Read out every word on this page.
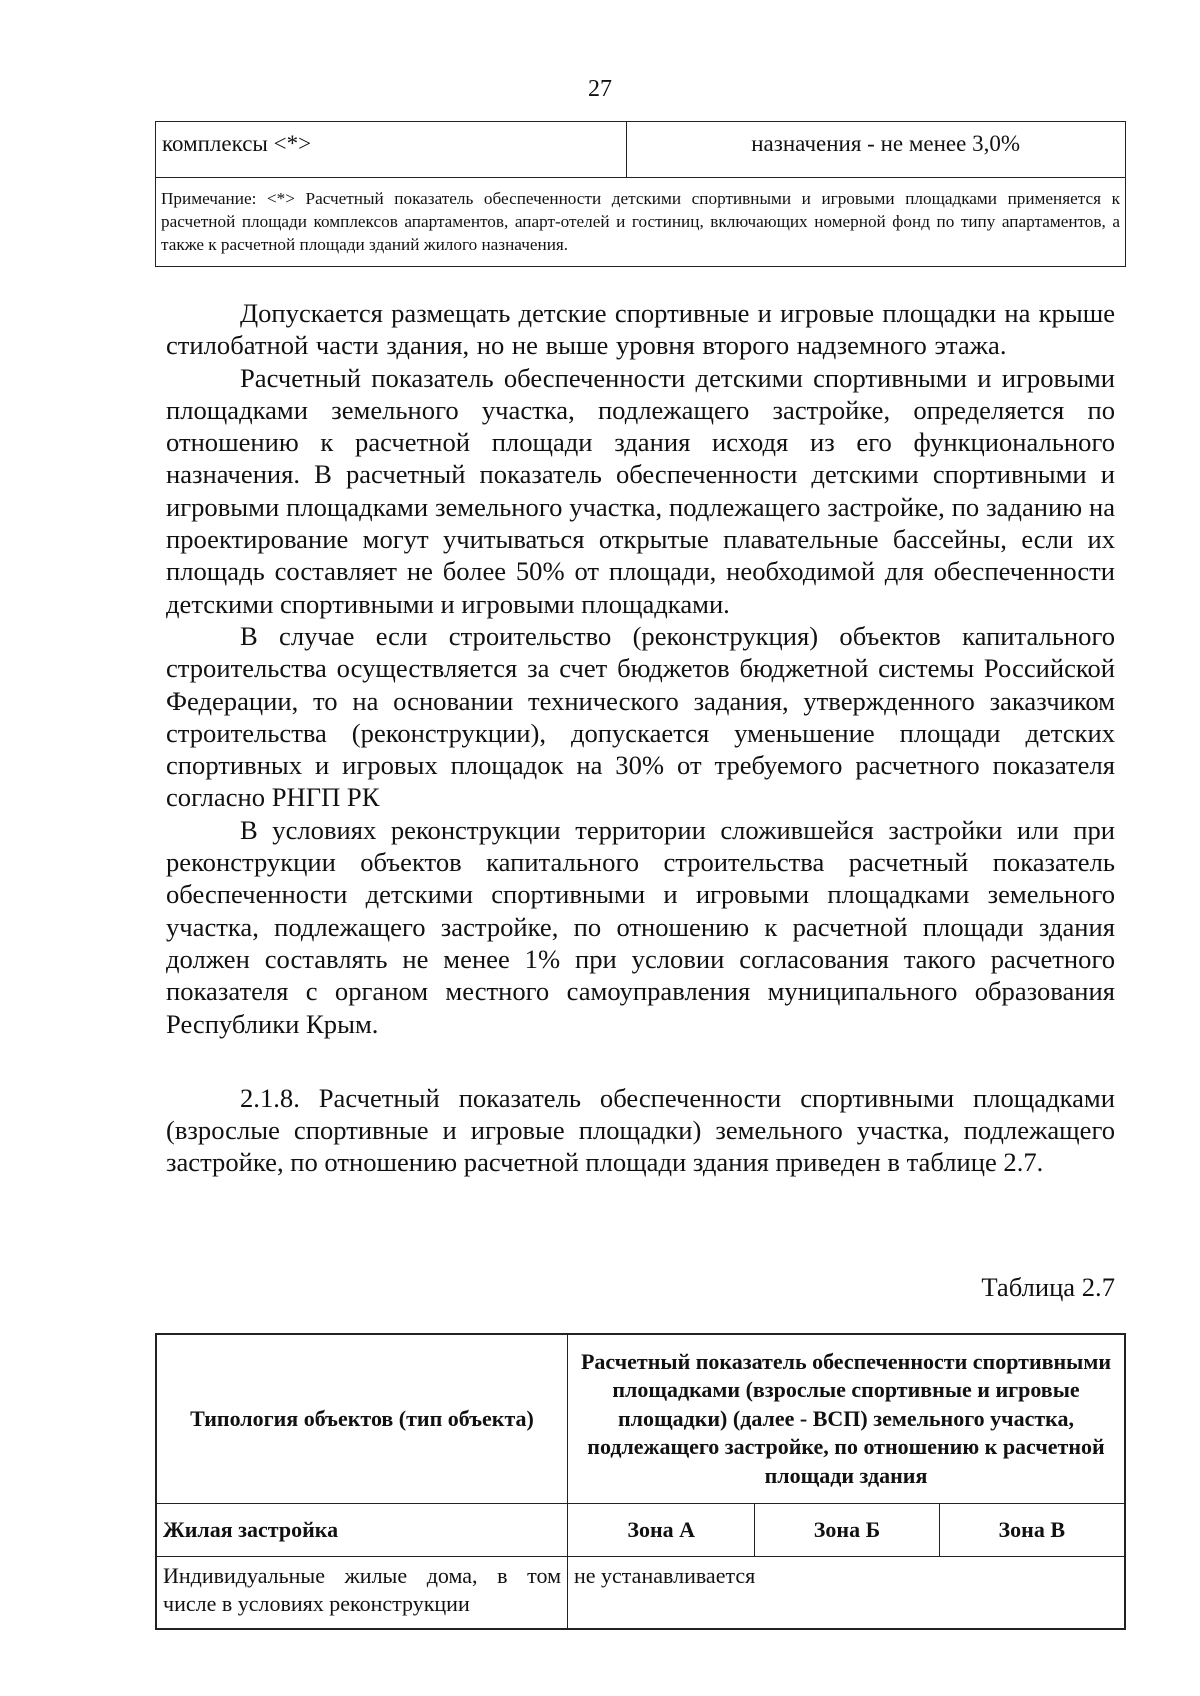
27
комплексы <*>	назначения - не менее 3,0%
Примечание: <*> Расчетный показатель обеспеченности детскими спортивными и игровыми площадками применяется к расчетной площади комплексов апартаментов, апарт-отелей и гостиниц, включающих номерной фонд по типу апартаментов, а также к расчетной площади зданий жилого назначения.

Допускается размещать детские спортивные и игровые площадки на крыше стилобатной части здания, но не выше уровня второго надземного этажа.

Расчетный показатель обеспеченности детскими спортивными и игровыми площадками земельного участка, подлежащего застройке, определяется по отношению к расчетной площади здания исходя из его функционального назначения. В расчетный показатель обеспеченности детскими спортивными и игровыми площадками земельного участка, подлежащего застройке, по заданию на проектирование могут учитываться открытые плавательные бассейны, если их площадь составляет не более 50% от площади, необходимой для обеспеченности детскими спортивными и игровыми площадками.

В случае если строительство (реконструкция) объектов капитального строительства осуществляется за счет бюджетов бюджетной системы Российской Федерации, то на основании технического задания, утвержденного заказчиком строительства (реконструкции), допускается уменьшение площади детских спортивных и игровых площадок на 30% от требуемого расчетного показателя согласно РНГП РК

В условиях реконструкции территории сложившейся застройки или при реконструкции объектов капитального строительства расчетный показатель обеспеченности детскими спортивными и игровыми площадками земельного участка, подлежащего застройке, по отношению к расчетной площади здания должен составлять не менее 1% при условии согласования такого расчетного показателя с органом местного самоуправления муниципального образования Республики Крым.

2.1.8. Расчетный показатель обеспеченности спортивными площадками (взрослые спортивные и игровые площадки) земельного участка, подлежащего застройке, по отношению расчетной площади здания приведен в таблице 2.7.

Таблица 2.7
Типология объектов (тип объекта)	Расчетный показатель обеспеченности спортивными площадками (взрослые спортивные и игровые площадки) (далее - ВСП) земельного участка, подлежащего застройке, по отношению к расчетной площади здания		
Жилая застройка	Зона А	Зона Б	Зона В
Индивидуальные жилые дома, в том числе в условиях реконструкции	не устанавливается		
